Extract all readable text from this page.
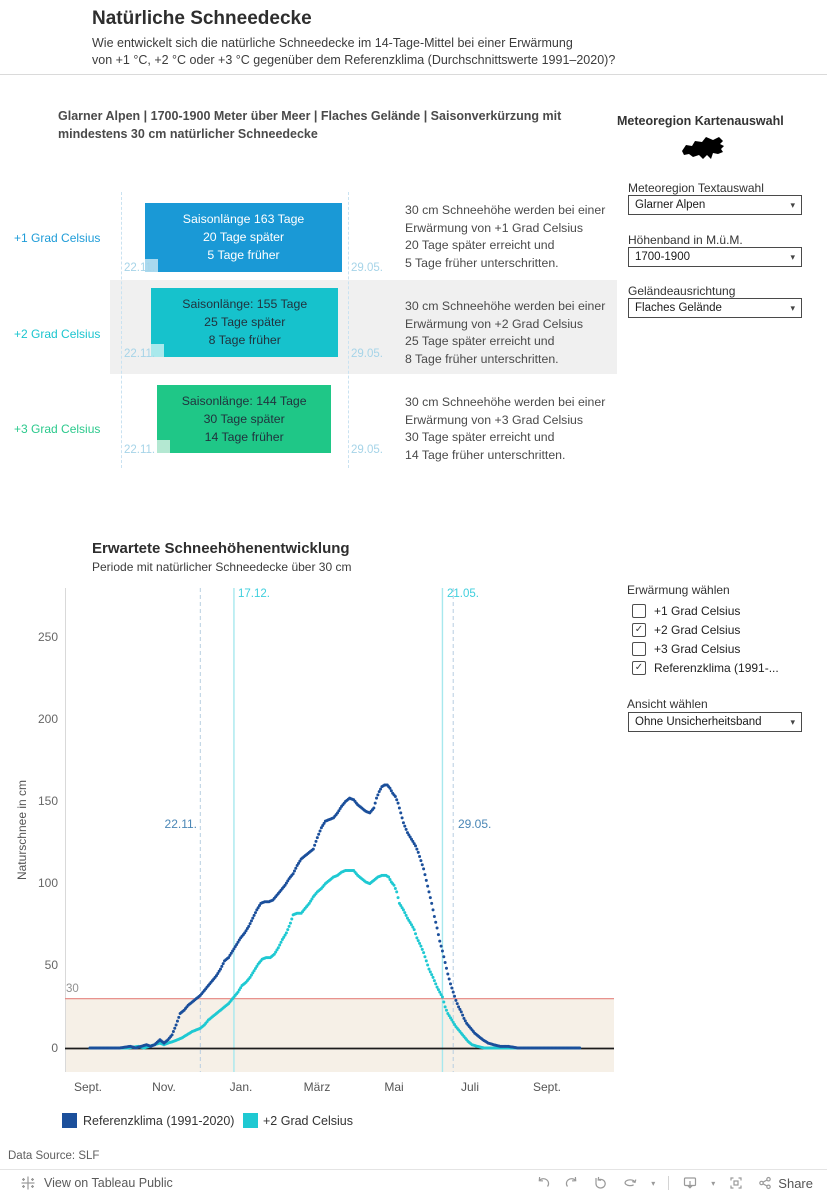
Natürliche Schneedecke
Wie entwickelt sich die natürliche Schneedecke im 14-Tage-Mittel bei einer Erwärmung
von +1 °C, +2 °C oder +3 °C gegenüber dem Referenzklima (Durchschnittswerte 1991–2020)?
Glarner Alpen | 1700-1900 Meter über Meer | Flaches Gelände | Saisonverkürzung mit
mindestens 30 cm natürlicher Schneedecke
Meteoregion Kartenauswahl
Meteoregion Textauswahl
Glarner Alpen	▾
Höhenband in M.ü.M.
1700-1900	▾
Geländeausrichtung
Flaches Gelände	▾
+1 Grad Celsius
Saisonlänge 163 Tage
20 Tage später
5 Tage früher
22.11.	29.05.
30 cm Schneehöhe werden bei einer
Erwärmung von +1 Grad Celsius
20 Tage später erreicht und
5 Tage früher unterschritten.
+2 Grad Celsius
Saisonlänge: 155 Tage
25 Tage später
8 Tage früher
22.11.	29.05.
30 cm Schneehöhe werden bei einer
Erwärmung von +2 Grad Celsius
25 Tage später erreicht und
8 Tage früher unterschritten.
+3 Grad Celsius
Saisonlänge: 144 Tage
30 Tage später
14 Tage früher
22.11.	29.05.
30 cm Schneehöhe werden bei einer
Erwärmung von +3 Grad Celsius
30 Tage später erreicht und
14 Tage früher unterschritten.
Erwartete Schneehöhenentwicklung
Periode mit natürlicher Schneedecke über 30 cm
Naturschnee in cm
250
200
150
100
50
0
30
Sept.	Nov.	Jan.	März	Mai	Juli	Sept.
17.12.	21.05.
22.11.	29.05.
Referenzklima (1991-2020) +2 Grad Celsius
Erwärmung wählen
+1 Grad Celsius
✓ +2 Grad Celsius
+3 Grad Celsius
✓ Referenzklima (1991-...
Ansicht wählen
Ohne Unsicherheitsband	▾
Data Source: SLF
View on Tableau Public	▾	▾	Share
